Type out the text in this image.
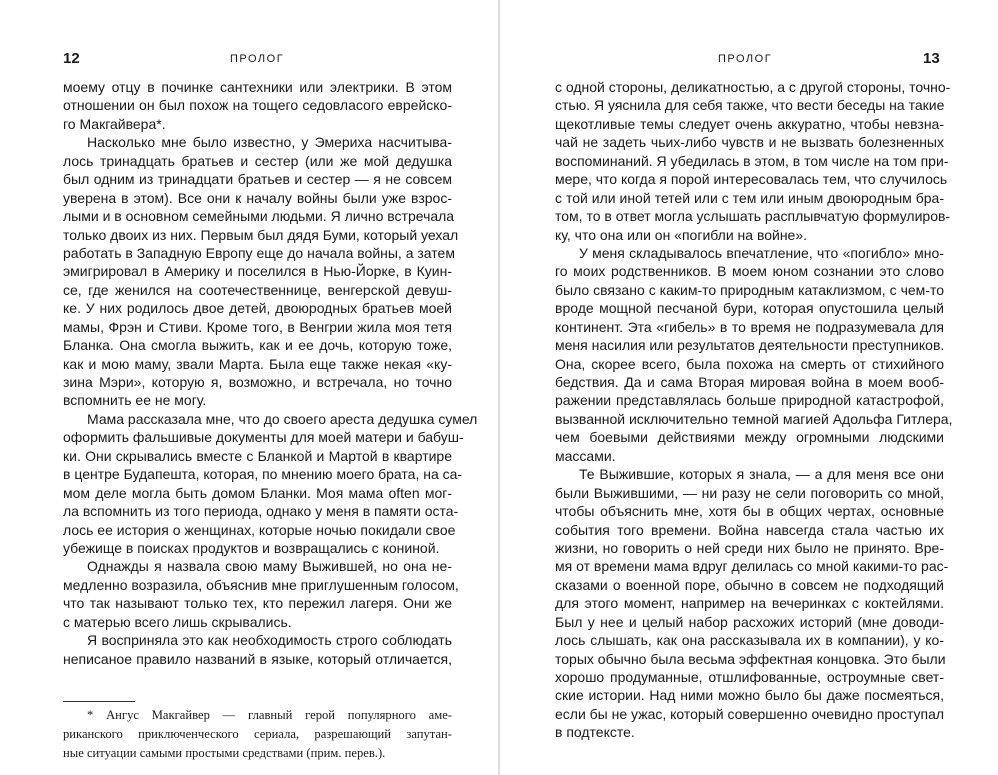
12	ПРОЛОГ
моему отцу в починке сантехники или электрики. В этом
отношении он был похож на тощего седовласого еврейско-
го Макгайвера*.
Насколько мне было известно, у Эмериха насчитыва-
лось тринадцать братьев и сестер (или же мой дедушка
был одним из тринадцати братьев и сестер — я не совсем
уверена в этом). Все они к началу войны были уже взрос-
лыми и в основном семейными людьми. Я лично встречала
только двоих из них. Первым был дядя Буми, который уехал
работать в Западную Европу еще до начала войны, а затем
эмигрировал в Америку и поселился в Нью-Йорке, в Куин-
се, где женился на соотечественнице, венгерской девуш-
ке. У них родилось двое детей, двоюродных братьев моей
мамы, Фрэн и Стиви. Кроме того, в Венгрии жила моя тетя
Бланка. Она смогла выжить, как и ее дочь, которую тоже,
как и мою маму, звали Марта. Была еще также некая «ку-
зина Мэри», которую я, возможно, и встречала, но точно
вспомнить ее не могу.
Мама рассказала мне, что до своего ареста дедушка сумел
оформить фальшивые документы для моей матери и бабуш-
ки. Они скрывались вместе с Бланкой и Мартой в квартире
в центре Будапешта, которая, по мнению моего брата, на са-
мом деле могла быть домом Бланки. Моя мама often мог-
ла вспомнить из того периода, однако у меня в памяти оста-
лось ее история о женщинах, которые ночью покидали свое
убежище в поисках продуктов и возвращались с кониной.
Однажды я назвала свою маму Выжившей, но она не-
медленно возразила, объяснив мне приглушенным голосом,
что так называют только тех, кто пережил лагеря. Они же
с матерью всего лишь скрывались.
Я восприняла это как необходимость строго соблюдать
неписаное правило названий в языке, который отличается,
* Ангус Макгайвер — главный герой популярного аме-
риканского приключенческого сериала, разрешающий запутан-
ные ситуации самыми простыми средствами (прим. перев.).
ПРОЛОГ	13
с одной стороны, деликатностью, а с другой стороны, точно-
стью. Я уяснила для себя также, что вести беседы на такие
щекотливые темы следует очень аккуратно, чтобы невзна-
чай не задеть чьих-либо чувств и не вызвать болезненных
воспоминаний. Я убедилась в этом, в том числе на том при-
мере, что когда я порой интересовалась тем, что случилось
с той или иной тетей или с тем или иным двоюродным бра-
том, то в ответ могла услышать расплывчатую формулиров-
ку, что она или он «погибли на войне».
У меня складывалось впечатление, что «погибло» мно-
го моих родственников. В моем юном сознании это слово
было связано с каким-то природным катаклизмом, с чем-то
вроде мощной песчаной бури, которая опустошила целый
континент. Эта «гибель» в то время не подразумевала для
меня насилия или результатов деятельности преступников.
Она, скорее всего, была похожа на смерть от стихийного
бедствия. Да и сама Вторая мировая война в моем вооб-
ражении представлялась больше природной катастрофой,
вызванной исключительно темной магией Адольфа Гитлера,
чем боевыми действиями между огромными людскими
массами.
Те Выжившие, которых я знала, — а для меня все они
были Выжившими, — ни разу не сели поговорить со мной,
чтобы объяснить мне, хотя бы в общих чертах, основные
события того времени. Война навсегда стала частью их
жизни, но говорить о ней среди них было не принято. Вре-
мя от времени мама вдруг делилась со мной какими-то рас-
сказами о военной поре, обычно в совсем не подходящий
для этого момент, например на вечеринках с коктейлями.
Был у нее и целый набор расхожих историй (мне доводи-
лось слышать, как она рассказывала их в компании), у ко-
торых обычно была весьма эффектная концовка. Это были
хорошо продуманные, отшлифованные, остроумные свет-
ские истории. Над ними можно было бы даже посмеяться,
если бы не ужас, который совершенно очевидно проступал
в подтексте.
